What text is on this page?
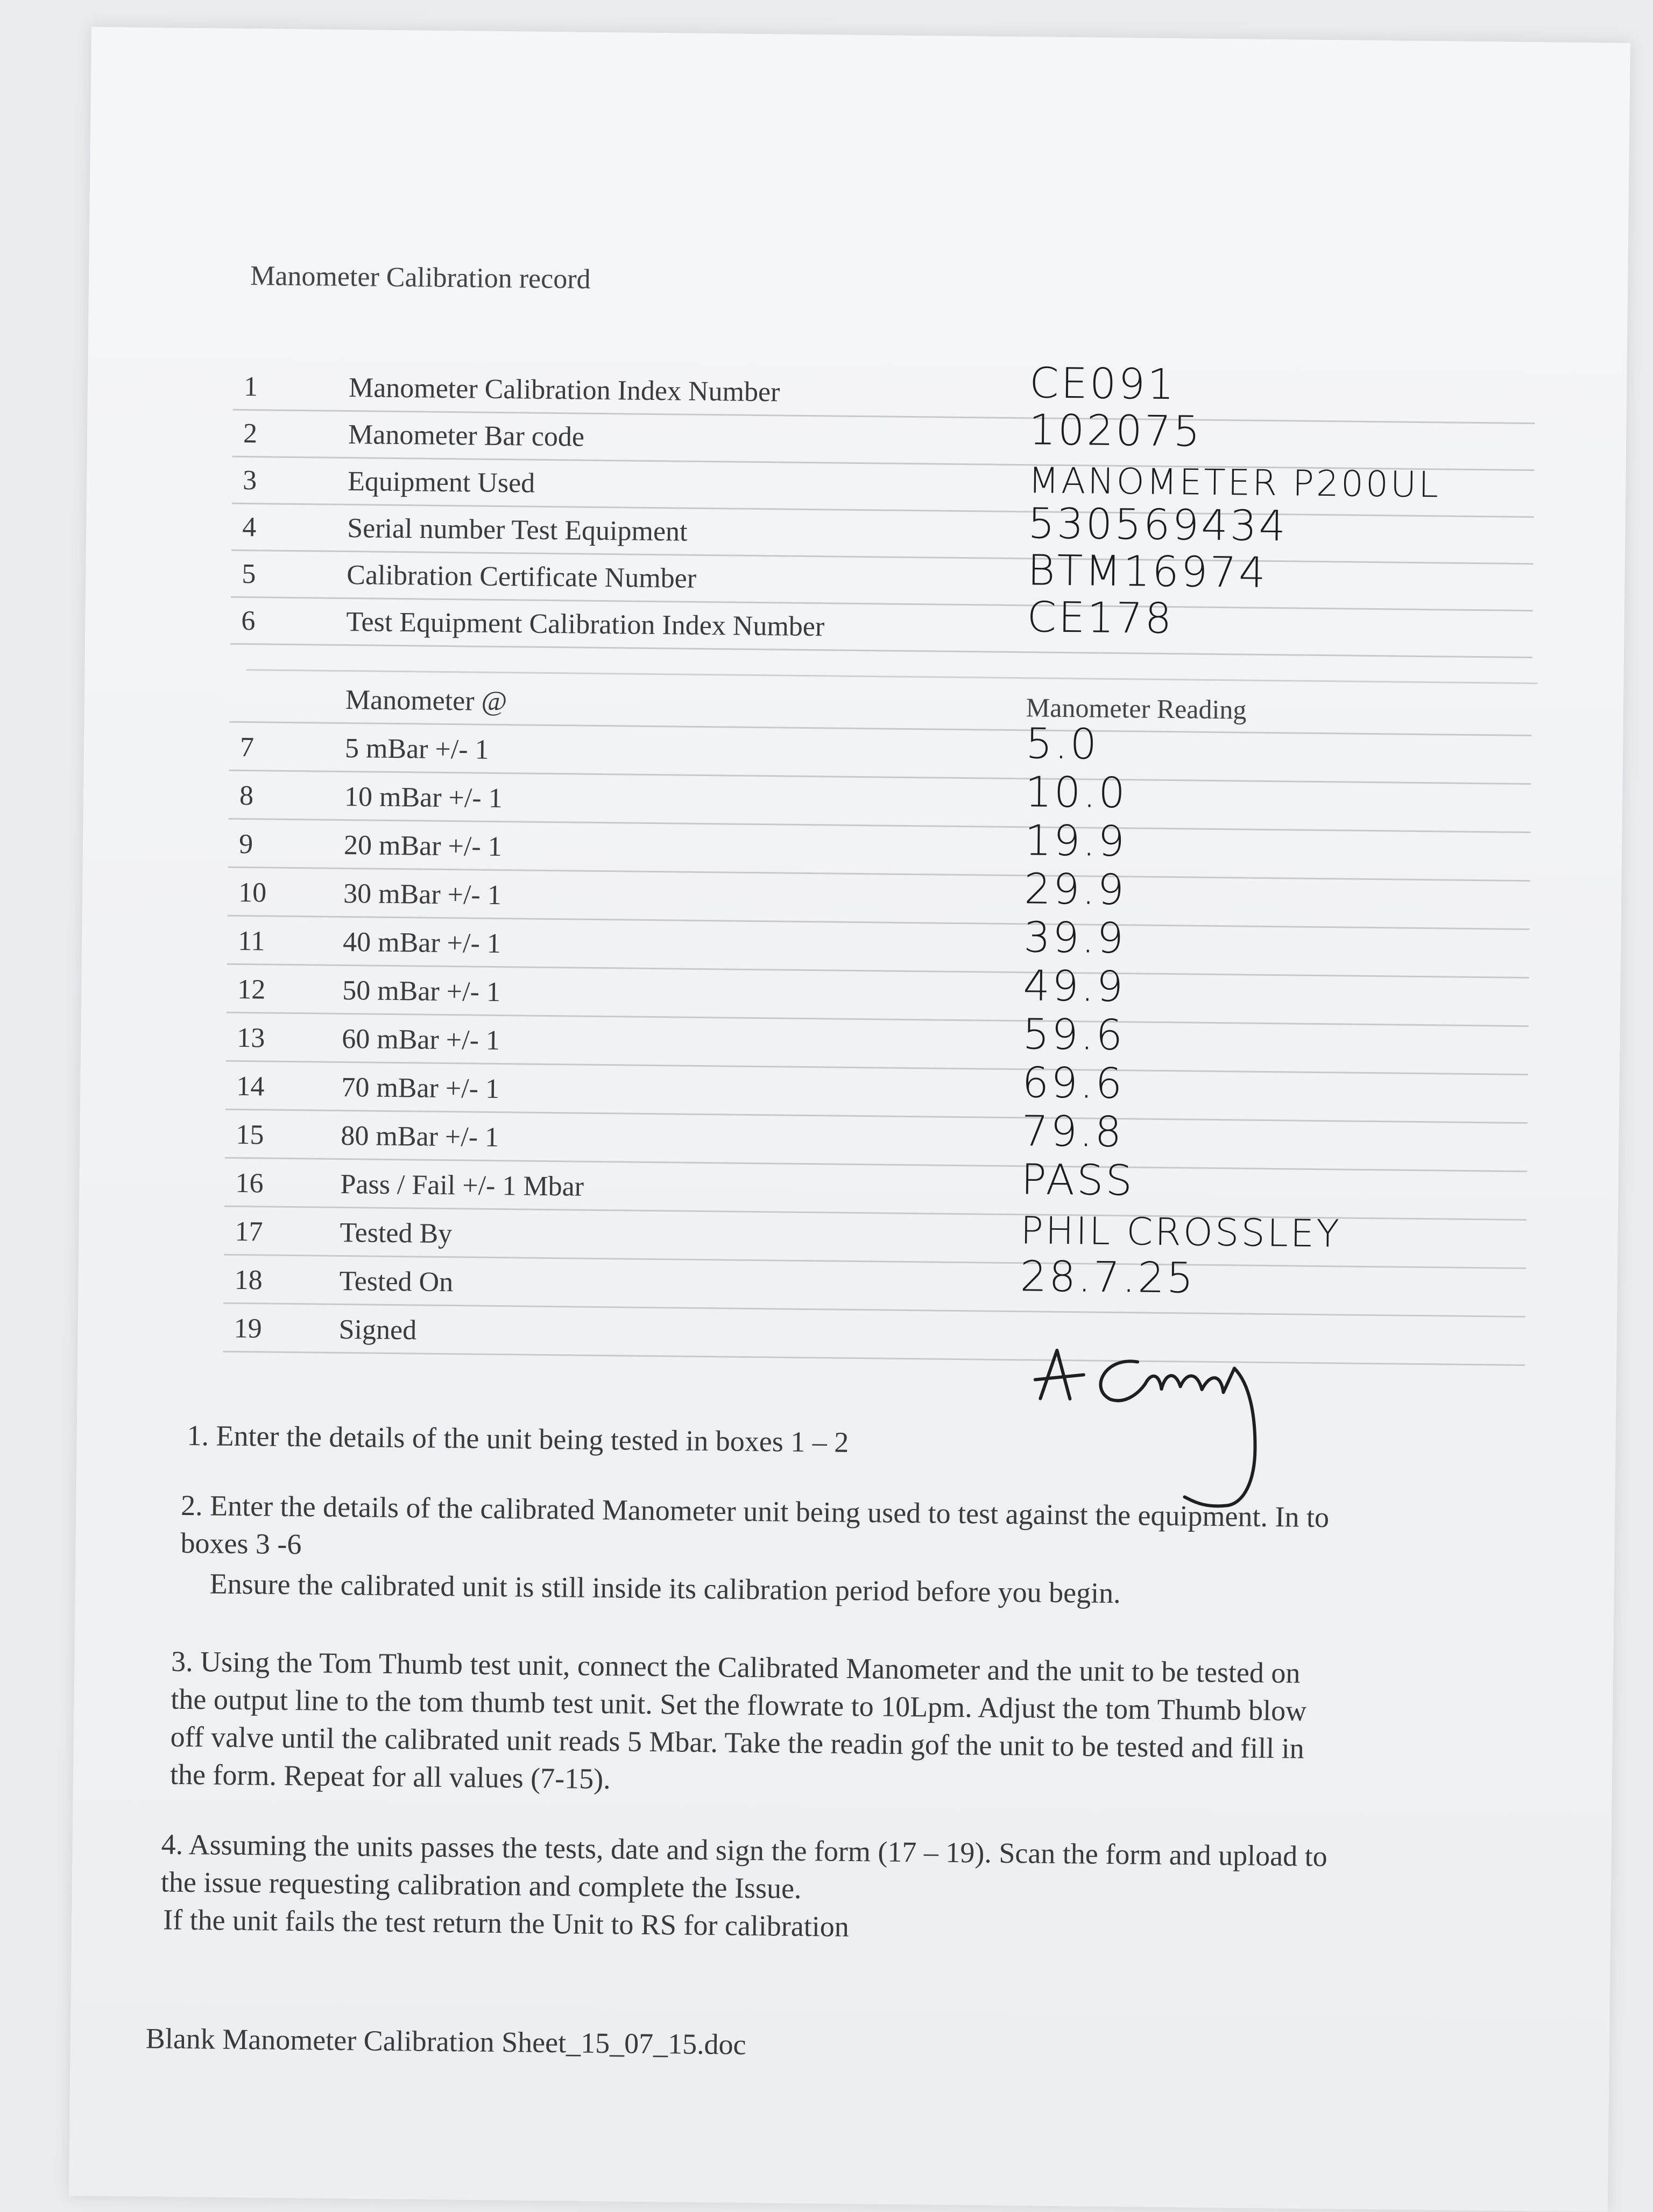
Manometer Calibration record
1	Manometer Calibration Index Number	CE091
2	Manometer Bar code	102075
3	Equipment Used	MANOMETER P200UL
4	Serial number Test Equipment	530569434
5	Calibration Certificate Number	BTM16974
6	Test Equipment Calibration Index Number	CE178
Manometer @	Manometer Reading
7	5 mBar +/- 1	5.0
8	10 mBar +/- 1	10.0
9	20 mBar +/- 1	19.9
10	30 mBar +/- 1	29.9
11	40 mBar +/- 1	39.9
12	50 mBar +/- 1	49.9
13	60 mBar +/- 1	59.6
14	70 mBar +/- 1	69.6
15	80 mBar +/- 1	79.8
16	Pass / Fail +/- 1 Mbar	PASS
17	Tested By	PHIL CROSSLEY
18	Tested On	28.7.25
19	Signed
1. Enter the details of the unit being tested in boxes 1 – 2
2. Enter the details of the calibrated Manometer unit being used to test against the equipment. In to
boxes 3 -6
Ensure the calibrated unit is still inside its calibration period before you begin.
3. Using the Tom Thumb test unit, connect the Calibrated Manometer and the unit to be tested on
the output line to the tom thumb test unit. Set the flowrate to 10Lpm. Adjust the tom Thumb blow
off valve until the calibrated unit reads 5 Mbar. Take the readin gof the unit to be tested and fill in
the form. Repeat for all values (7-15).
4. Assuming the units passes the tests, date and sign the form (17 – 19). Scan the form and upload to
the issue requesting calibration and complete the Issue.
If the unit fails the test return the Unit to RS for calibration
Blank Manometer Calibration Sheet_15_07_15.doc
